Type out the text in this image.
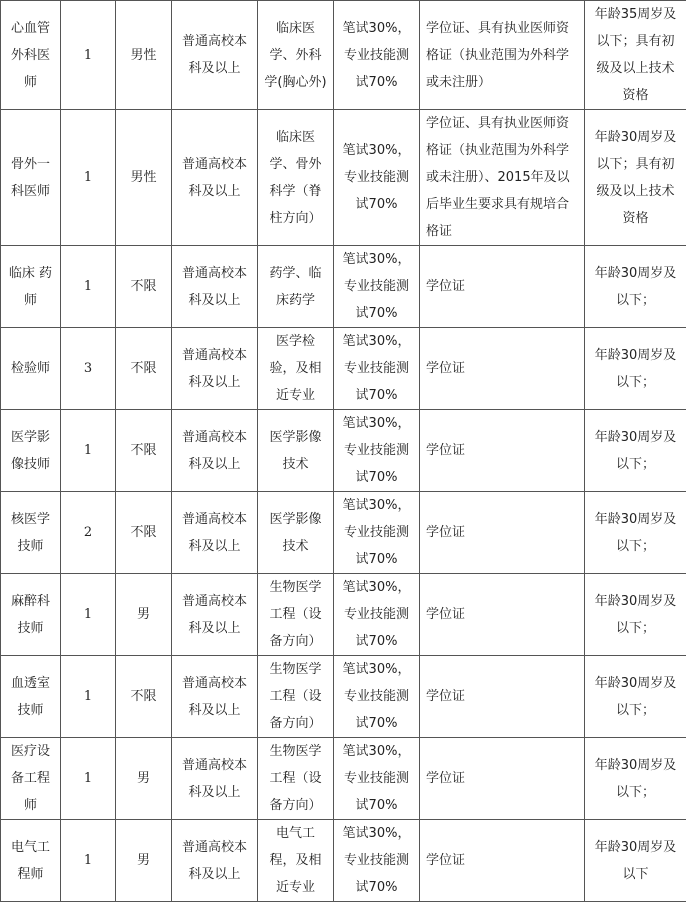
心血管
外科医
师	1	男性	普通高校本
科及以上	临床医
学、外科
学(胸心外)	笔试30%，
专业技能测
试70%	学位证、具有执业医师资
格证（执业范围为外科学
或未注册）	年龄35周岁及
以下；具有初
级及以上技术
资格
骨外一
科医师	1	男性	普通高校本
科及以上	临床医
学、骨外
科学（脊
柱方向）	笔试30%，
专业技能测
试70%	学位证、具有执业医师资
格证（执业范围为外科学
或未注册）、2015年及以
后毕业生要求具有规培合
格证	年龄30周岁及
以下；具有初
级及以上技术
资格
临床 药
师	1	不限	普通高校本
科及以上	药学、临
床药学	笔试30%，
专业技能测
试70%	学位证	年龄30周岁及
以下；
检验师	3	不限	普通高校本
科及以上	医学检
验，及相
近专业	笔试30%，
专业技能测
试70%	学位证	年龄30周岁及
以下；
医学影
像技师	1	不限	普通高校本
科及以上	医学影像
技术	笔试30%，
专业技能测
试70%	学位证	年龄30周岁及
以下；
核医学
技师	2	不限	普通高校本
科及以上	医学影像
技术	笔试30%，
专业技能测
试70%	学位证	年龄30周岁及
以下；
麻醉科
技师	1	男	普通高校本
科及以上	生物医学
工程（设
备方向）	笔试30%，
专业技能测
试70%	学位证	年龄30周岁及
以下；
血透室
技师	1	不限	普通高校本
科及以上	生物医学
工程（设
备方向）	笔试30%，
专业技能测
试70%	学位证	年龄30周岁及
以下；
医疗设
备工程
师	1	男	普通高校本
科及以上	生物医学
工程（设
备方向）	笔试30%，
专业技能测
试70%	学位证	年龄30周岁及
以下；
电气工
程师	1	男	普通高校本
科及以上	电气工
程，及相
近专业	笔试30%，
专业技能测
试70%	学位证	年龄30周岁及
以下
